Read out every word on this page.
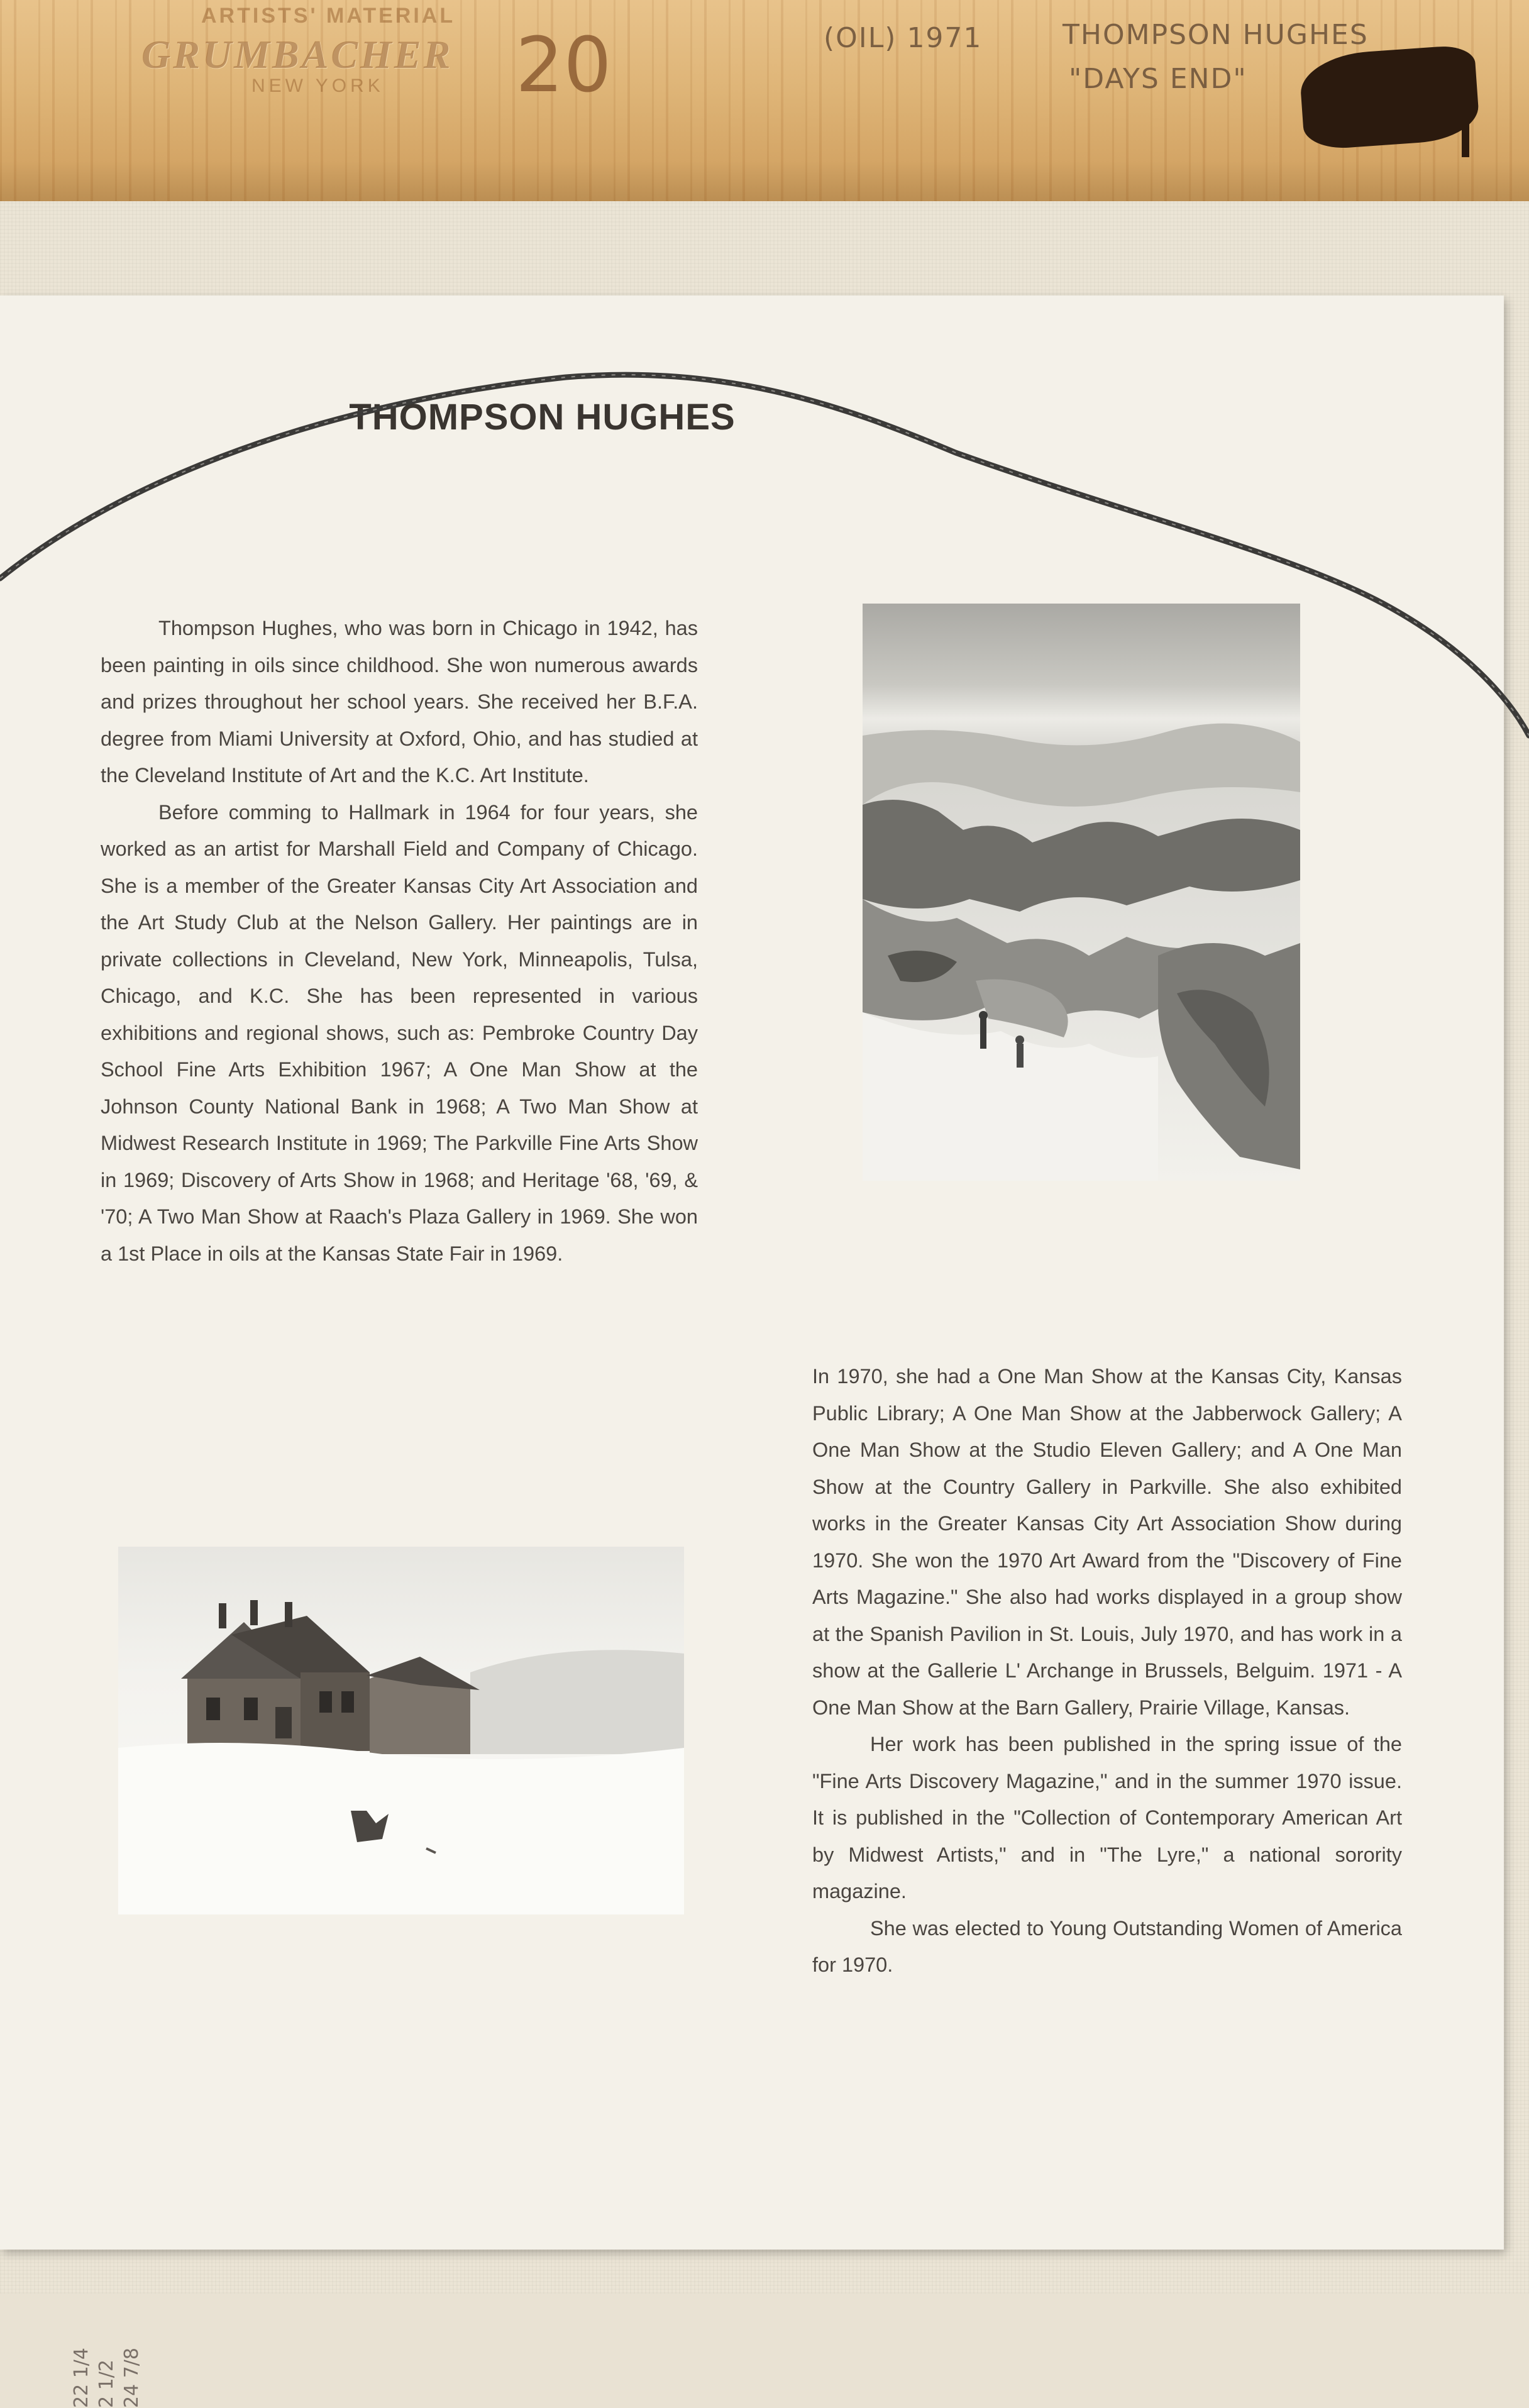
ARTISTS' MATERIAL
GRUMBACHER
NEW YORK 20	(OIL) 1971	THOMPSON HUGHES
"DAYS END"
THOMPSON HUGHES

Thompson Hughes, who was born in Chicago in 1942, has been painting in oils since childhood. She won numerous awards and prizes throughout her school years. She received her B.F.A. degree from Miami University at Oxford, Ohio, and has studied at the Cleveland Institute of Art and the K.C. Art Institute.

Before comming to Hallmark in 1964 for four years, she worked as an artist for Marshall Field and Company of Chicago. She is a member of the Greater Kansas City Art Association and the Art Study Club at the Nelson Gallery. Her paintings are in private collections in Cleveland, New York, Minneapolis, Tulsa, Chicago, and K.C. She has been represented in various exhibitions and regional shows, such as: Pembroke Country Day School Fine Arts Exhibition 1967; A One Man Show at the Johnson County National Bank in 1968; A Two Man Show at Midwest Research Institute in 1969; The Parkville Fine Arts Show in 1969; Discovery of Arts Show in 1968; and Heritage '68, '69, & '70; A Two Man Show at Raach's Plaza Gallery in 1969. She won a 1st Place in oils at the Kansas State Fair in 1969.

In 1970, she had a One Man Show at the Kansas City, Kansas Public Library; A One Man Show at the Jabberwock Gallery; A One Man Show at the Studio Eleven Gallery; and A One Man Show at the Country Gallery in Parkville. She also exhibited works in the Greater Kansas City Art Association Show during 1970. She won the 1970 Art Award from the "Discovery of Fine Arts Magazine." She also had works displayed in a group show at the Spanish Pavilion in St. Louis, July 1970, and has work in a show at the Gallerie L' Archange in Brussels, Belguim. 1971 - A One Man Show at the Barn Gallery, Prairie Village, Kansas.

Her work has been published in the spring issue of the "Fine Arts Discovery Magazine," and in the summer 1970 issue. It is published in the "Collection of Contemporary American Art by Midwest Artists," and in "The Lyre," a national sorority magazine.

She was elected to Young Outstanding Women of America for 1970.

22 1/4 2 1/2 24 7/8
